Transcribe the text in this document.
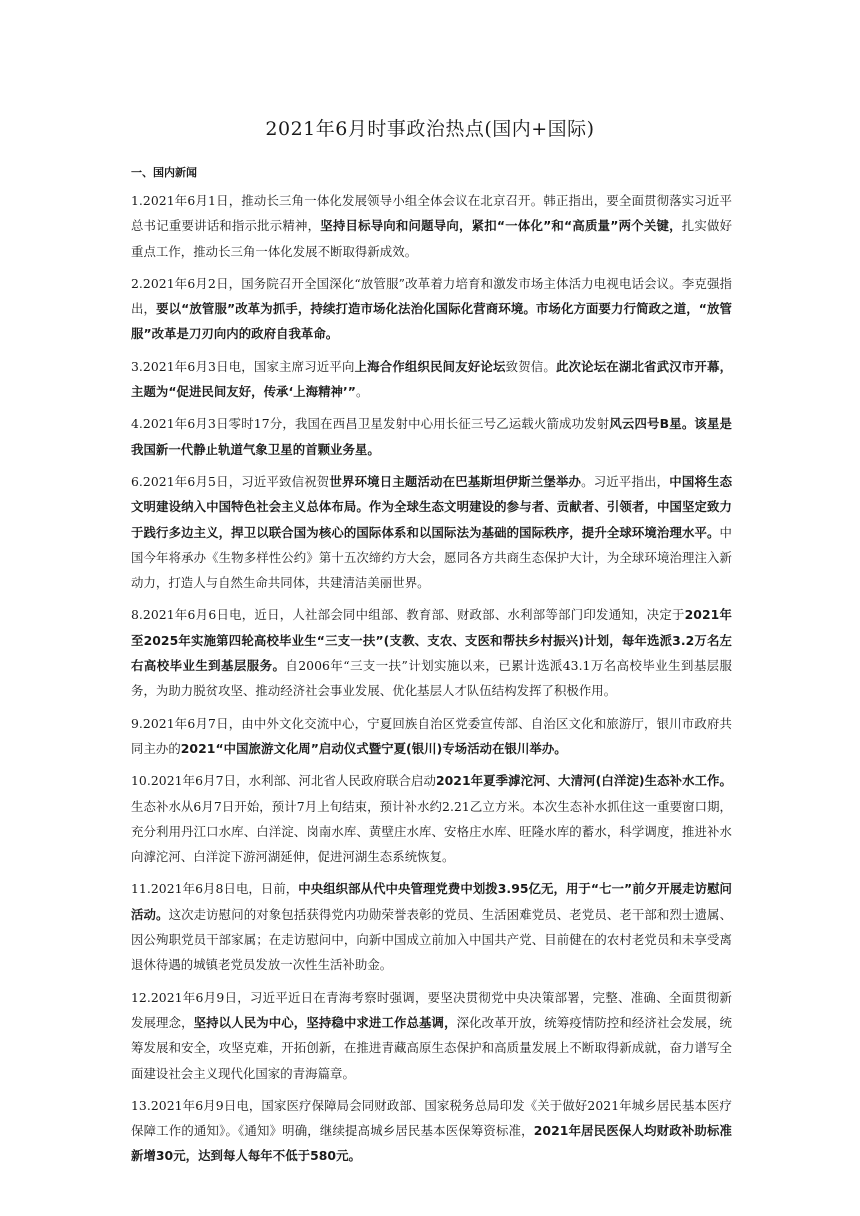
2021年6月时事政治热点(国内+国际)
一、国内新闻

1.2021年6月1日，推动长三角一体化发展领导小组全体会议在北京召开。韩正指出，要全面贯彻落实习近平总书记重要讲话和指示批示精神，坚持目标导向和问题导向，紧扣“一体化”和“高质量”两个关键，扎实做好重点工作，推动长三角一体化发展不断取得新成效。

2.2021年6月2日，国务院召开全国深化“放管服”改革着力培育和激发市场主体活力电视电话会议。李克强指出，要以“放管服”改革为抓手，持续打造市场化法治化国际化营商环境。市场化方面要力行简政之道，“放管服”改革是刀刃向内的政府自我革命。

3.2021年6月3日电，国家主席习近平向上海合作组织民间友好论坛致贺信。此次论坛在湖北省武汉市开幕，主题为“促进民间友好，传承‘上海精神’”。

4.2021年6月3日零时17分，我国在西昌卫星发射中心用长征三号乙运载火箭成功发射风云四号B星。该星是我国新一代静止轨道气象卫星的首颗业务星。

6.2021年6月5日，习近平致信祝贺世界环境日主题活动在巴基斯坦伊斯兰堡举办。习近平指出，中国将生态文明建设纳入中国特色社会主义总体布局。作为全球生态文明建设的参与者、贡献者、引领者，中国坚定致力于践行多边主义，捍卫以联合国为核心的国际体系和以国际法为基础的国际秩序，提升全球环境治理水平。中国今年将承办《生物多样性公约》第十五次缔约方大会，愿同各方共商生态保护大计，为全球环境治理注入新动力，打造人与自然生命共同体，共建清洁美丽世界。

8.2021年6月6日电，近日，人社部会同中组部、教育部、财政部、水利部等部门印发通知，决定于2021年至2025年实施第四轮高校毕业生“三支一扶”(支教、支农、支医和帮扶乡村振兴)计划，每年选派3.2万名左右高校毕业生到基层服务。自2006年“三支一扶”计划实施以来，已累计选派43.1万名高校毕业生到基层服务，为助力脱贫攻坚、推动经济社会事业发展、优化基层人才队伍结构发挥了积极作用。

9.2021年6月7日，由中外文化交流中心，宁夏回族自治区党委宣传部、自治区文化和旅游厅，银川市政府共同主办的2021“中国旅游文化周”启动仪式暨宁夏(银川)专场活动在银川举办。

10.2021年6月7日，水利部、河北省人民政府联合启动2021年夏季滹沱河、大清河(白洋淀)生态补水工作。生态补水从6月7日开始，预计7月上旬结束，预计补水约2.21乙立方米。本次生态补水抓住这一重要窗口期，充分利用丹江口水库、白洋淀、岗南水库、黄壁庄水库、安格庄水库、旺隆水库的蓄水，科学调度，推进补水向滹沱河、白洋淀下游河湖延伸，促进河湖生态系统恢复。

11.2021年6月8日电，日前，中央组织部从代中央管理党费中划拨3.95亿无，用于“七一”前夕开展走访慰问活动。这次走访慰问的对象包括获得党内功勋荣誉表彰的党员、生活困难党员、老党员、老干部和烈士遗属、因公殉职党员干部家属；在走访慰问中，向新中国成立前加入中国共产党、目前健在的农村老党员和未享受离退休待遇的城镇老党员发放一次性生活补助金。

12.2021年6月9日，习近平近日在青海考察时强调，要坚决贯彻党中央决策部署，完整、准确、全面贯彻新发展理念，坚持以人民为中心，坚持稳中求进工作总基调，深化改革开放，统筹疫情防控和经济社会发展，统筹发展和安全，攻坚克难，开拓创新，在推进青藏高原生态保护和高质量发展上不断取得新成就，奋力谱写全面建设社会主义现代化国家的青海篇章。

13.2021年6月9日电，国家医疗保障局会同财政部、国家税务总局印发《关于做好2021年城乡居民基本医疗保障工作的通知》。《通知》明确，继续提高城乡居民基本医保筹资标准，2021年居民医保人均财政补助标准新增30元，达到每人每年不低于580元。
